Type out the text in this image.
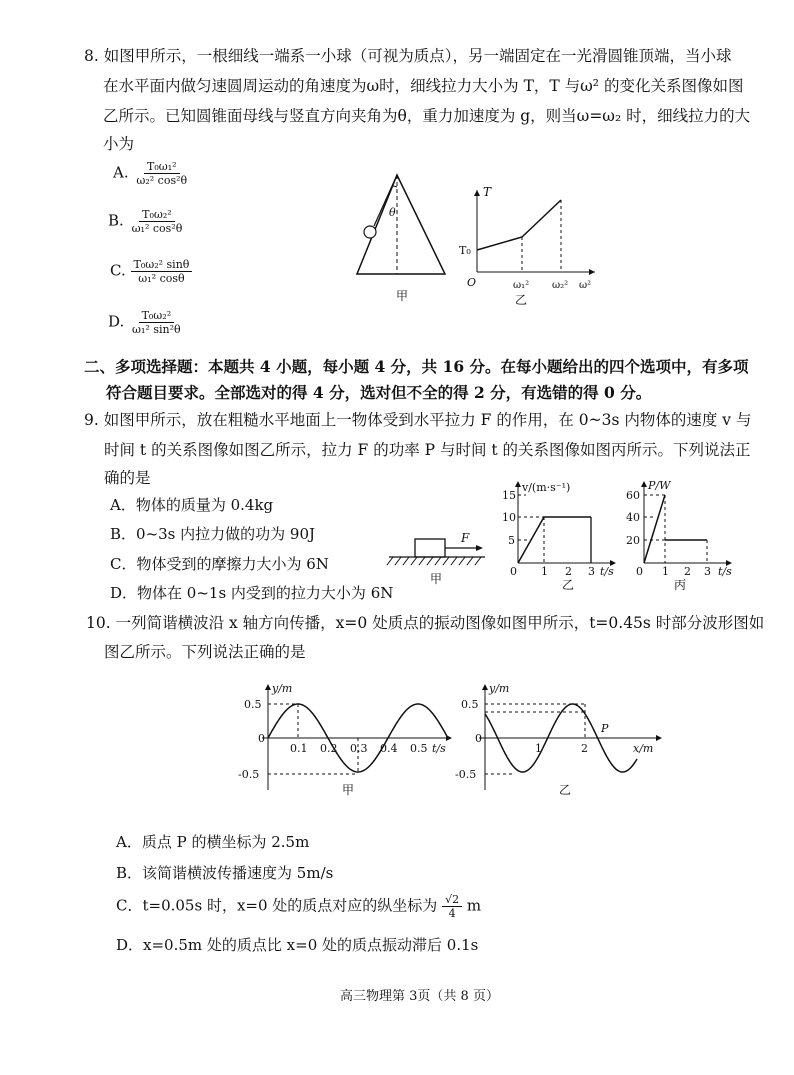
8. 如图甲所示，一根细线一端系一小球（可视为质点），另一端固定在一光滑圆锥顶端，当小球
在水平面内做匀速圆周运动的角速度为ω时，细线拉力大小为 T，T 与ω² 的变化关系图像如图
乙所示。已知圆锥面母线与竖直方向夹角为θ，重力加速度为 g，则当ω=ω₂ 时，细线拉力的大
小为
A. $\frac{\text{T₀ω₁²}}{\text{ω₂² cos²θ}}$
B. $\frac{\text{T₀ω₂²}}{\text{ω₁² cos²θ}}$
C. $\frac{\text{T₀ω₂² sinθ}}{\text{ω₁² cosθ}}$
D. $\frac{\text{T₀ω₂²}}{\text{ω₁² sin²θ}}$
θ
甲
T
T₀
O	ω₁² ω₂² ω²
乙
二、多项选择题：本题共 4 小题，每小题 4 分，共 16 分。在每小题给出的四个选项中，有多项
符合题目要求。全部选对的得 4 分，选对但不全的得 2 分，有选错的得 0 分。
9. 如图甲所示，放在粗糙水平地面上一物体受到水平拉力 F 的作用，在 0~3s 内物体的速度 v 与
时间 t 的关系图像如图乙所示，拉力 F 的功率 P 与时间 t 的关系图像如图丙所示。下列说法正
确的是
A．物体的质量为 0.4kg
B．0~3s 内拉力做的功为 90J
C．物体受到的摩擦力大小为 6N
D．物体在 0~1s 内受到的拉力大小为 6N
F
甲
v/(m·s⁻¹)
15
10
5
0 1 2 3 t/s
乙
P/W
60
40
20
0 1 2 3 t/s
丙
10. 一列简谐横波沿 x 轴方向传播，x=0 处质点的振动图像如图甲所示，t=0.45s 时部分波形图如
图乙所示。下列说法正确的是
y/m
0.5
0
-0.5
0.1 0.2 0.3 0.4 0.5 t/s
甲
y/m
0.5
0
-0.5
1	2
P
x/m
乙
A．质点 P 的横坐标为 2.5m
B．该简谐横波传播速度为 5m/s
C．t=0.05s 时，x=0 处的质点对应的纵坐标为 $\frac{√2}{4}$ m
D．x=0.5m 处的质点比 x=0 处的质点振动滞后 0.1s
高三物理第 3页（共 8 页）
